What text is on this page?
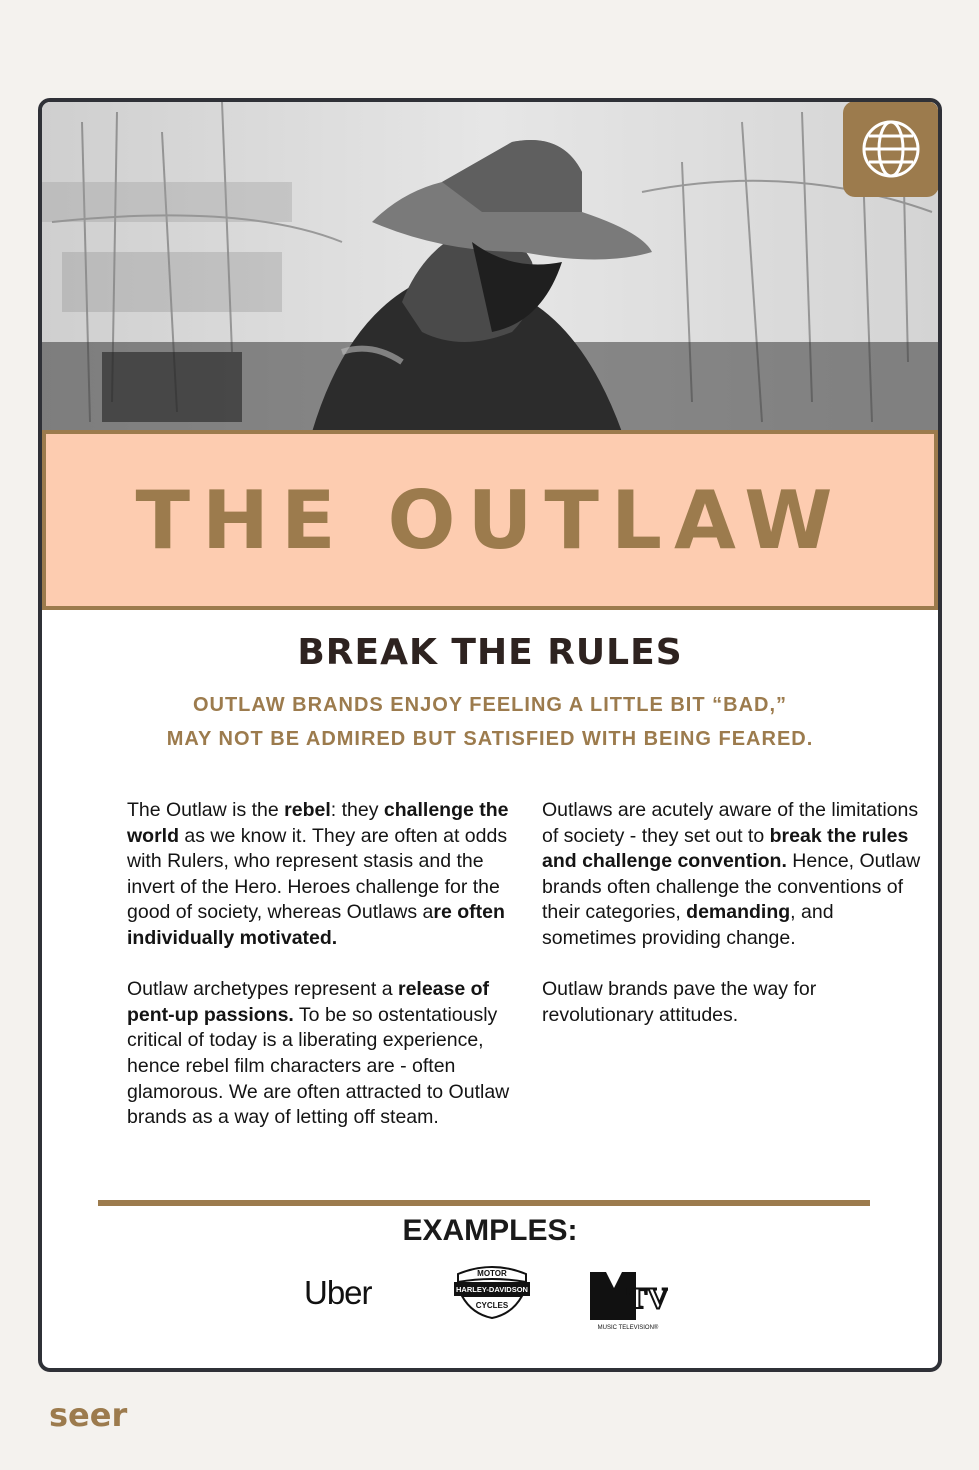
THE OUTLAW
BREAK THE RULES
OUTLAW BRANDS ENJOY FEELING A LITTLE BIT “BAD,”
MAY NOT BE ADMIRED BUT SATISFIED WITH BEING FEARED.

The Outlaw is the rebel: they challenge the world as we know it. They are often at odds with Rulers, who represent stasis and the invert of the Hero. Heroes challenge for the good of society, whereas Outlaws are often individually motivated.

Outlaw archetypes represent a release of pent-up passions. To be so ostentatiously critical of today is a liberating experience, hence rebel film characters are - often glamorous. We are often attracted to Outlaw brands as a way of letting off steam.

Outlaws are acutely aware of the limitations of society - they set out to break the rules and challenge convention. Hence, Outlaw brands often challenge the conventions of their categories, demanding, and sometimes providing change.

Outlaw brands pave the way for revolutionary attitudes.

EXAMPLES:
Uber
MOTOR
HARLEY-DAVIDSON
CYCLES	TV
MUSIC TELEVISION®
seer
